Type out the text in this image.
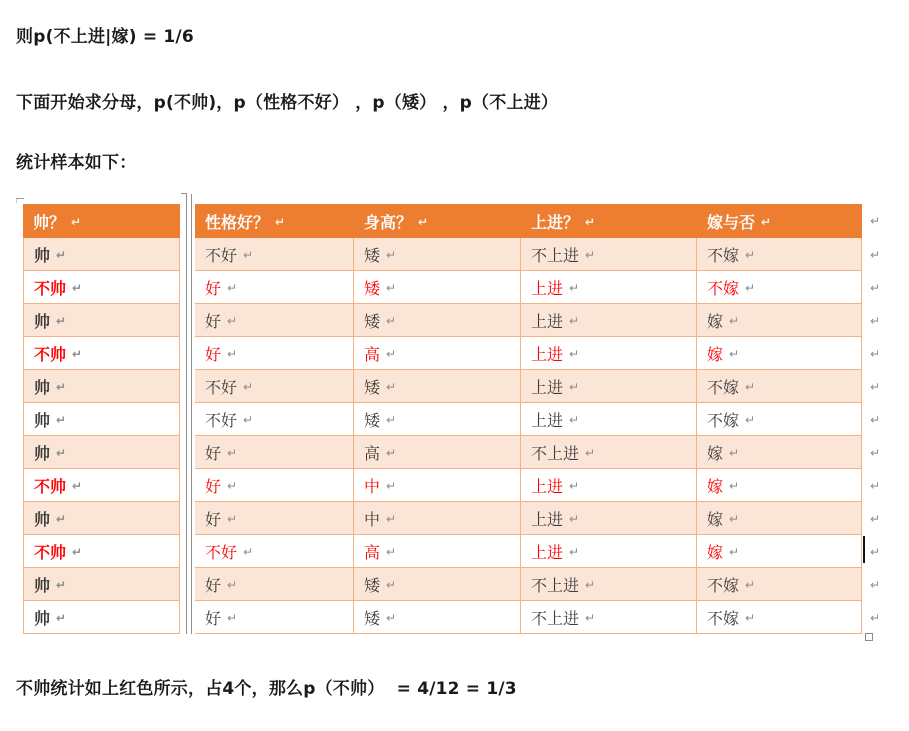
则p(不上进|嫁) = 1/6

下面开始求分母，p(不帅)，p（性格不好） ，p（矮） ，p（不上进）

统计样本如下：

帅？ ↵	性格好？ ↵	身高？ ↵	上进？ ↵	嫁与否 ↵
帅 ↵	不好 ↵	矮 ↵	不上进 ↵	不嫁 ↵
不帅 ↵	好 ↵	矮 ↵	上进 ↵	不嫁 ↵
帅 ↵	好 ↵	矮 ↵	上进 ↵	嫁 ↵
不帅 ↵	好 ↵	高 ↵	上进 ↵	嫁 ↵
帅 ↵	不好 ↵	矮 ↵	上进 ↵	不嫁 ↵
帅 ↵	不好 ↵	矮 ↵	上进 ↵	不嫁 ↵
帅 ↵	好 ↵	高 ↵	不上进 ↵	嫁 ↵
不帅 ↵	好 ↵	中 ↵	上进 ↵	嫁 ↵
帅 ↵	好 ↵	中 ↵	上进 ↵	嫁 ↵
不帅 ↵	不好 ↵	高 ↵	上进 ↵	嫁 ↵
帅 ↵	好 ↵	矮 ↵	不上进 ↵	不嫁 ↵
帅 ↵	好 ↵	矮 ↵	不上进 ↵	不嫁 ↵
↵
↵
↵
↵
↵
↵
↵
↵
↵
↵
↵
↵
↵

不帅统计如上红色所示，占4个，那么p（不帅）  = 4/12 = 1/3
